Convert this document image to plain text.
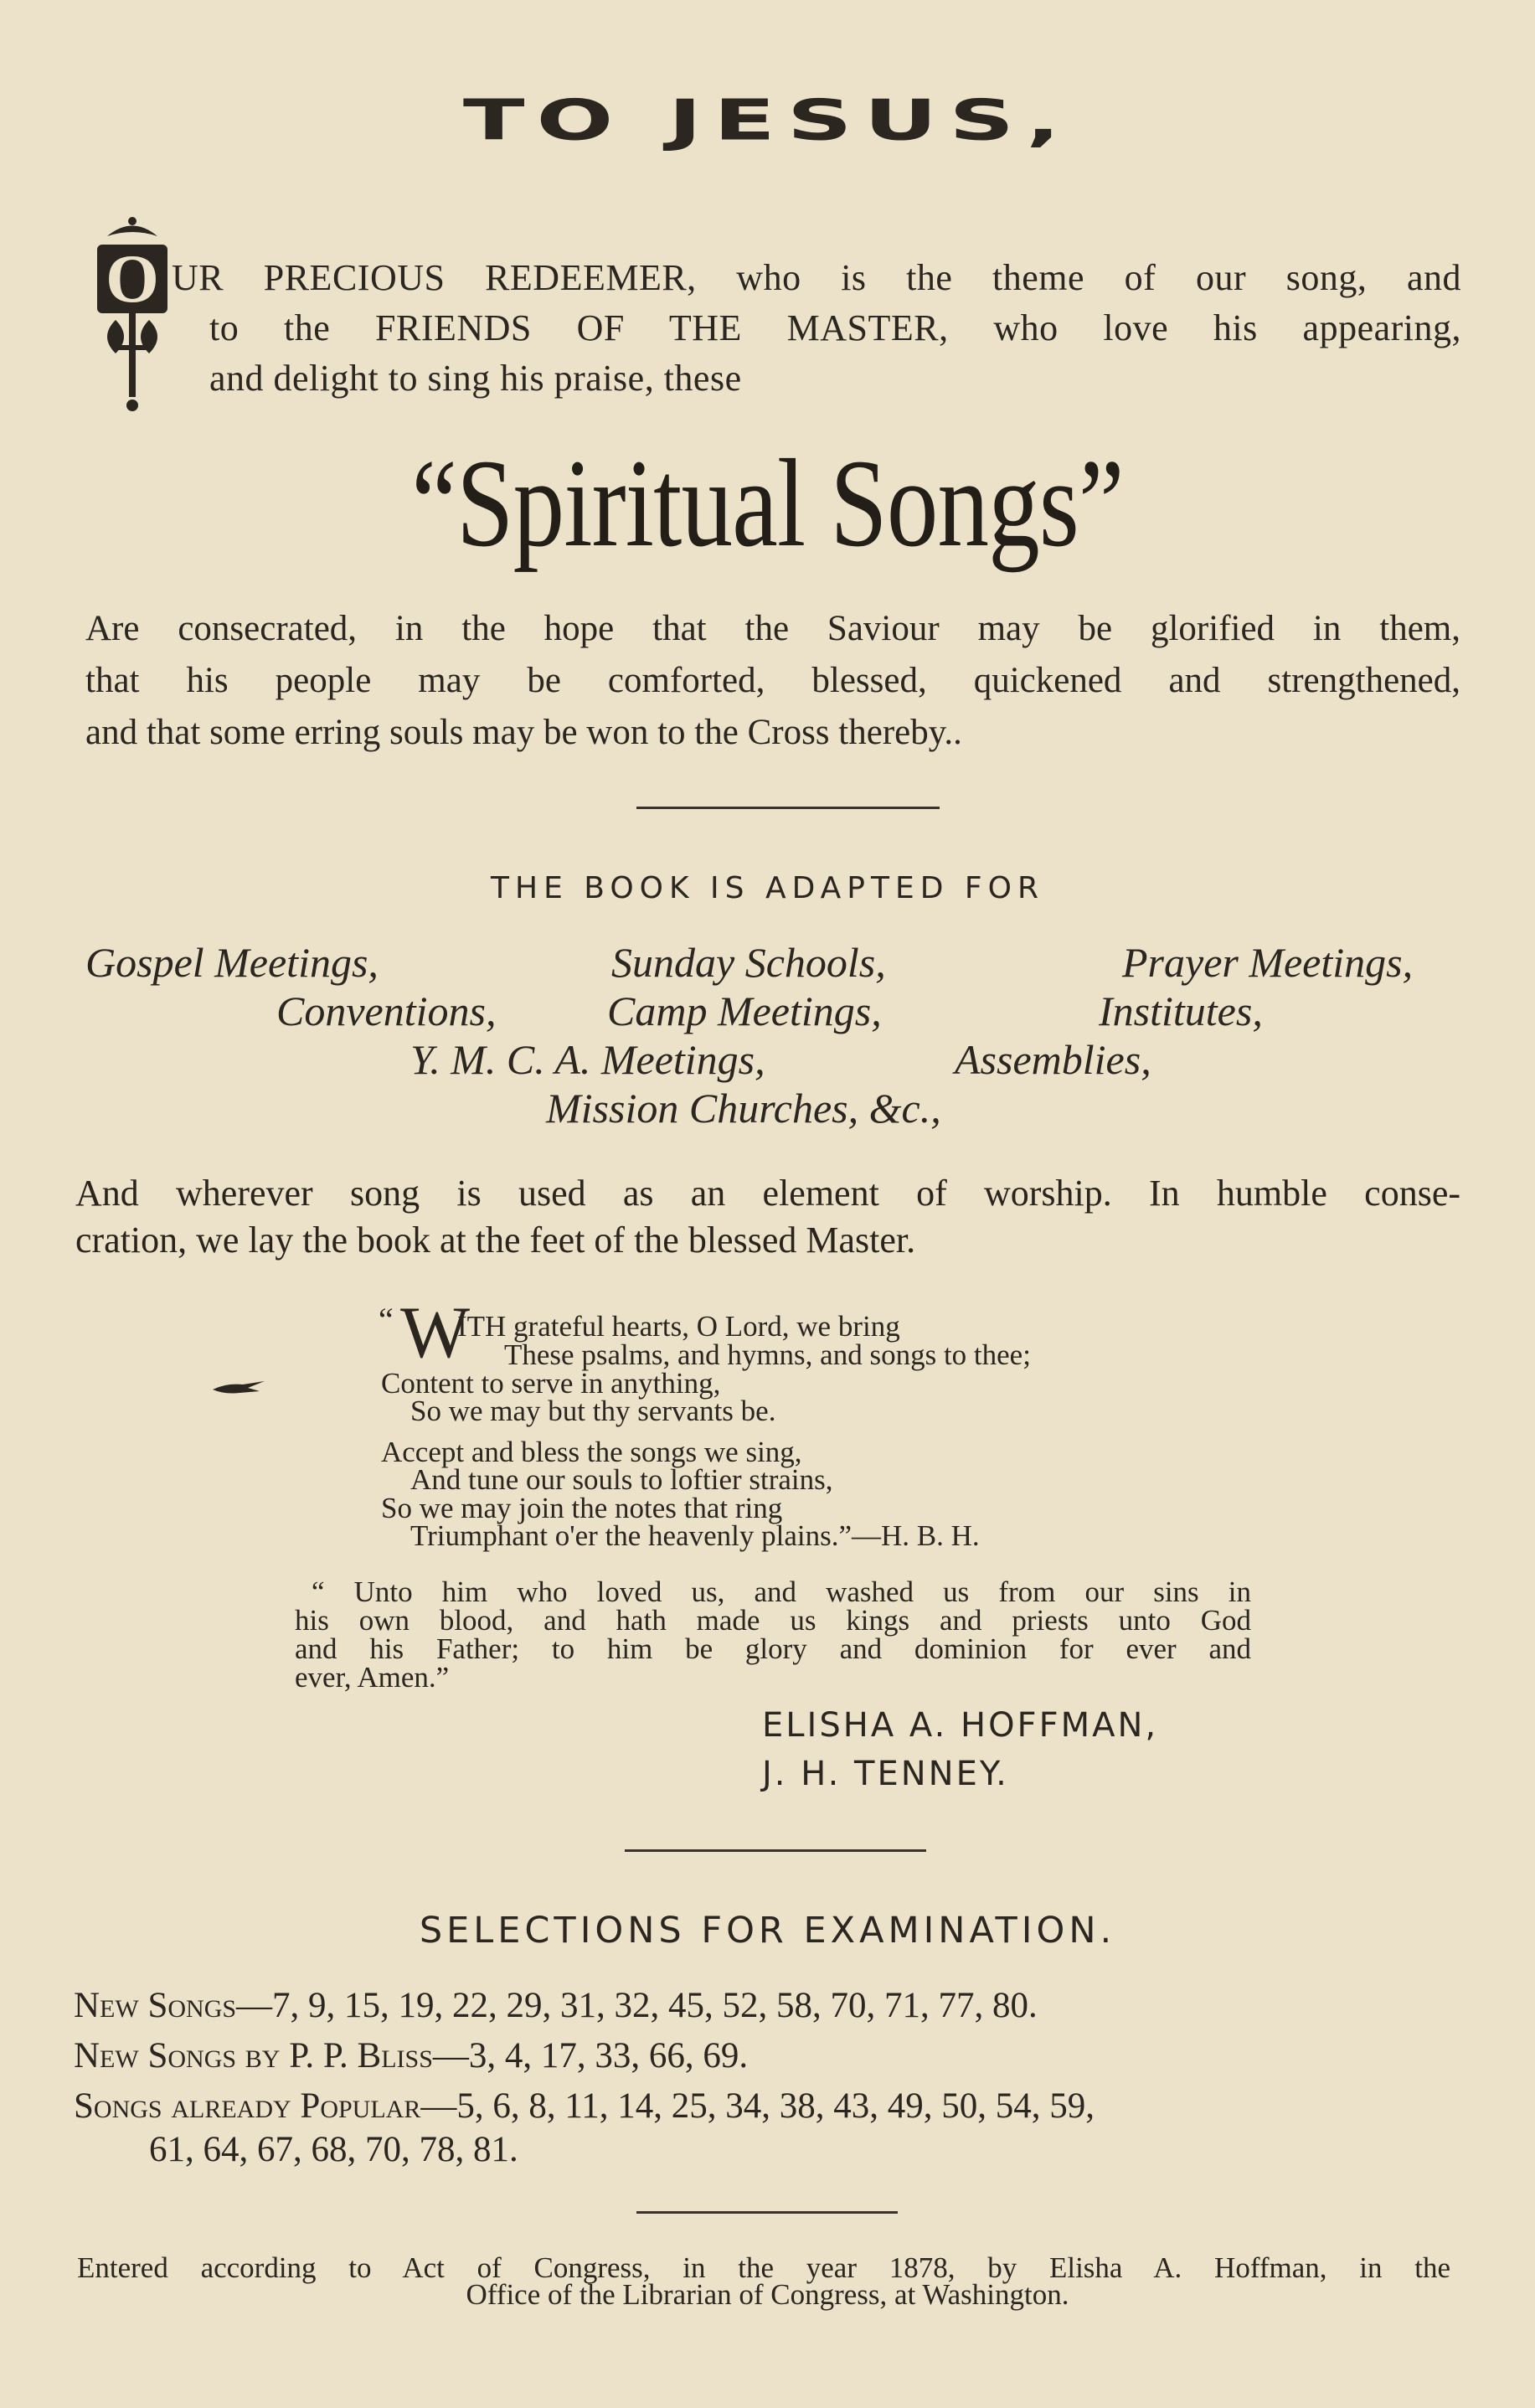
TO JESUS,
O UR PRECIOUS REDEEMER, who is the theme of our song, and
to the FRIENDS OF THE MASTER, who love his appearing,
and delight to sing his praise, these
“Spiritual Songs”
Are consecrated, in the hope that the Saviour may be glorified in them,
that his people may be comforted, blessed, quickened and strengthened,
and that some erring souls may be won to the Cross thereby..
THE BOOK IS ADAPTED FOR
Gospel Meetings,	Sunday Schools,	Prayer Meetings,
Conventions,	Camp Meetings,	Institutes,
Y. M. C. A. Meetings,	Assemblies,
Mission Churches, &c.,
And wherever song is used as an element of worship. In humble conse-
cration, we lay the book at the feet of the blessed Master.
“ W
ITH grateful hearts, O Lord, we bring
These psalms, and hymns, and songs to thee;
Content to serve in anything,
So we may but thy servants be.
Accept and bless the songs we sing,
And tune our souls to loftier strains,
So we may join the notes that ring
Triumphant o'er the heavenly plains.”—H. B. H.
“ Unto him who loved us, and washed us from our sins in
his own blood, and hath made us kings and priests unto God
and his Father; to him be glory and dominion for ever and
ever, Amen.”
ELISHA A. HOFFMAN,
J. H. TENNEY.
SELECTIONS FOR EXAMINATION.
New Songs—7, 9, 15, 19, 22, 29, 31, 32, 45, 52, 58, 70, 71, 77, 80.
New Songs by P. P. Bliss—3, 4, 17, 33, 66, 69.
Songs already Popular—5, 6, 8, 11, 14, 25, 34, 38, 43, 49, 50, 54, 59,
61, 64, 67, 68, 70, 78, 81.
Entered according to Act of Congress, in the year 1878, by Elisha A. Hoffman, in the
Office of the Librarian of Congress, at Washington.
